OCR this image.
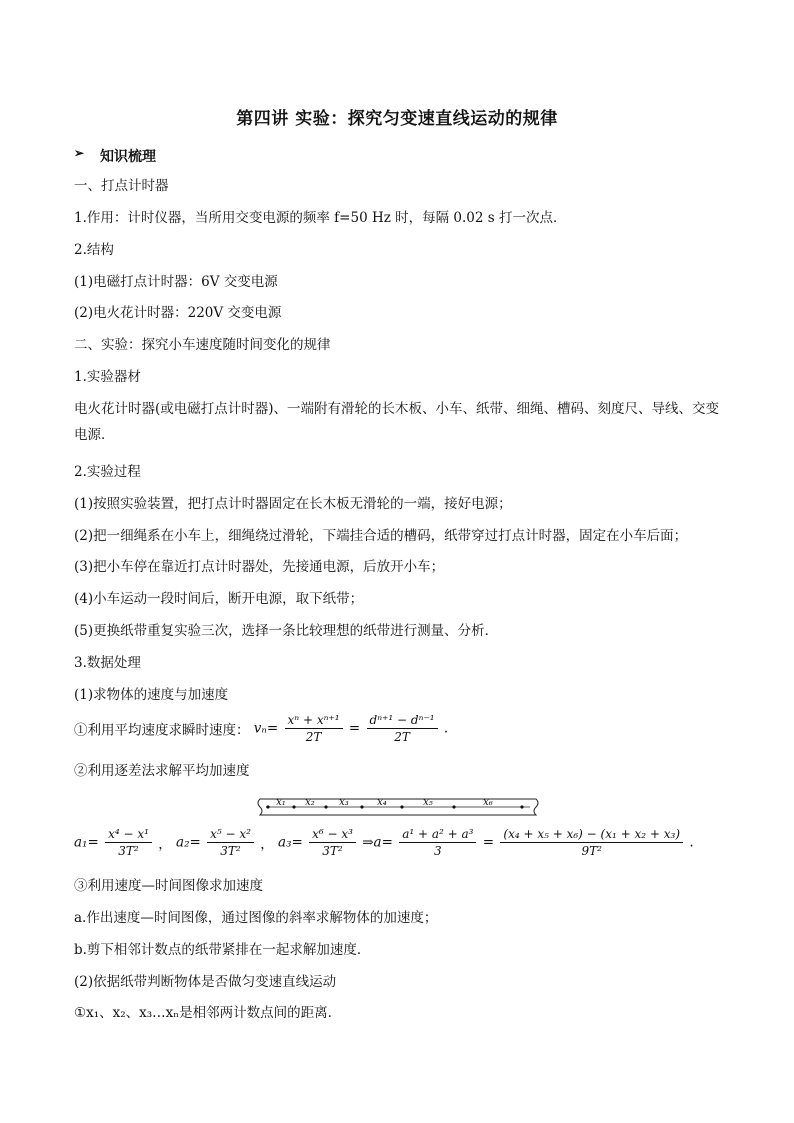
第四讲 实验：探究匀变速直线运动的规律
➢ 知识梳理
一、打点计时器
1.作用：计时仪器，当所用交变电源的频率 f=50 Hz 时，每隔 0.02 s 打一次点．
2.结构
(1)电磁打点计时器：6V 交变电源
(2)电火花计时器：220V 交变电源
二、实验：探究小车速度随时间变化的规律
1.实验器材
电火花计时器(或电磁打点计时器)、一端附有滑轮的长木板、小车、纸带、细绳、槽码、刻度尺、导线、交变电源．
2.实验过程
(1)按照实验装置，把打点计时器固定在长木板无滑轮的一端，接好电源；
(2)把一细绳系在小车上，细绳绕过滑轮，下端挂合适的槽码，纸带穿过打点计时器，固定在小车后面；
(3)把小车停在靠近打点计时器处，先接通电源，后放开小车；
(4)小车运动一段时间后，断开电源，取下纸带；
(5)更换纸带重复实验三次，选择一条比较理想的纸带进行测量、分析．
3.数据处理
(1)求物体的速度与加速度
①利用平均速度求瞬时速度： $v_n= \frac{\text{xⁿ + xⁿ⁺¹}}{2T} = \frac{\text{dⁿ⁺¹ − dⁿ⁻¹}}{2T}$ .
②利用逐差法求解平均加速度
x₁ x₂ x₃	x₄	x₅	x₆
$a_1= \frac{\text{x⁴ − x¹}}{\text{3T²}}$ ， $a_2= \frac{\text{x⁵ − x²}}{\text{3T²}}$ ， $a_3= \frac{\text{x⁶ − x³}}{\text{3T²}}$ ⇒a= $\frac{\text{a¹ + a² + a³}}{3} = \frac{\text{(x₄ + x₅ + x₆) − (x₁ + x₂ + x₃)}}{\text{9T²}}$ .
③利用速度—时间图像求加速度
a.作出速度—时间图像，通过图像的斜率求解物体的加速度；
b.剪下相邻计数点的纸带紧排在一起求解加速度．
(2)依据纸带判断物体是否做匀变速直线运动
①x₁、x₂、x₃…xₙ是相邻两计数点间的距离．
